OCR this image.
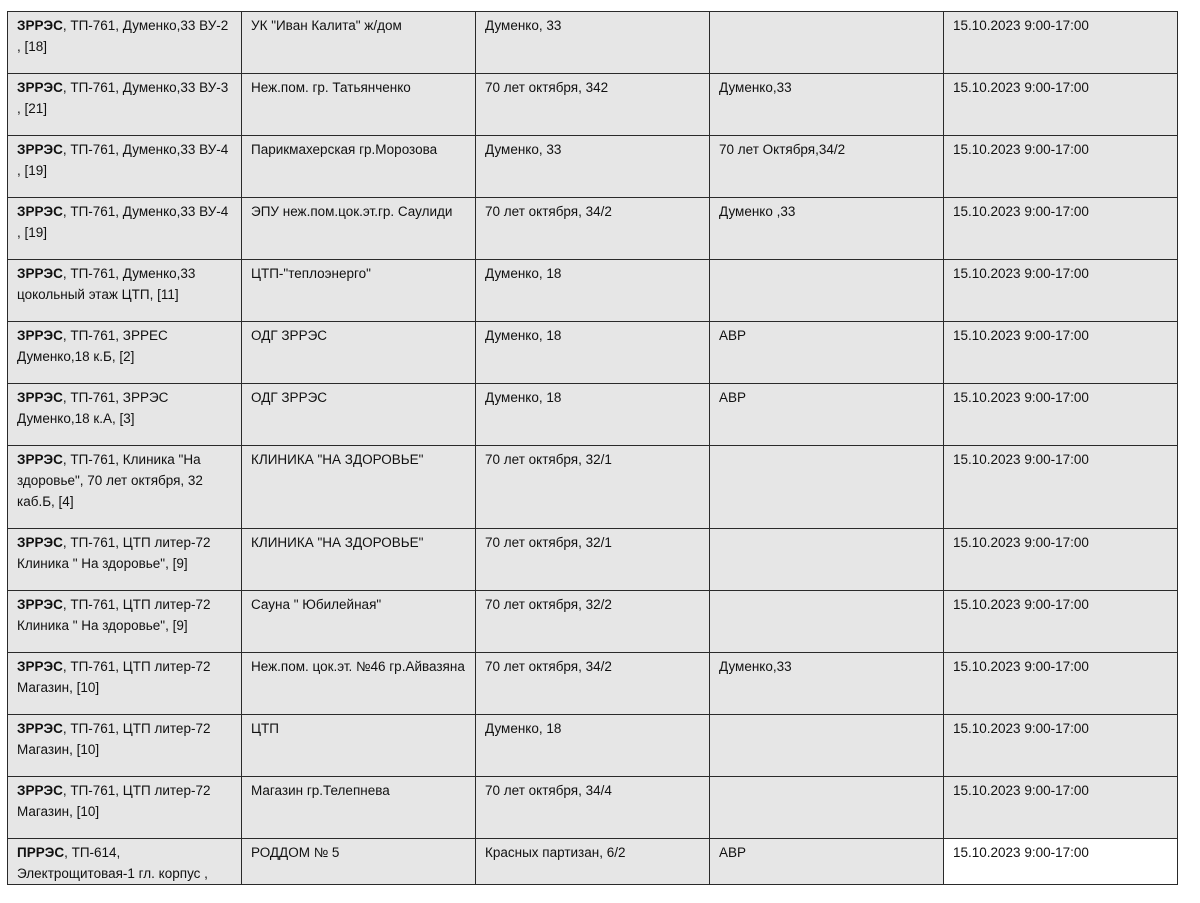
ЗРРЭС, ТП-761, Думенко,33 ВУ-2 , [18]	УК "Иван Калита" ж/дом	Думенко, 33		15.10.2023 9:00-17:00
ЗРРЭС, ТП-761, Думенко,33 ВУ-3 , [21]	Неж.пом. гр. Татьянченко	70 лет октября, 342	Думенко,33	15.10.2023 9:00-17:00
ЗРРЭС, ТП-761, Думенко,33 ВУ-4 , [19]	Парикмахерская гр.Морозова	Думенко, 33	70 лет Октября,34/2	15.10.2023 9:00-17:00
ЗРРЭС, ТП-761, Думенко,33 ВУ-4 , [19]	ЭПУ неж.пом.цок.эт.гр. Саулиди	70 лет октября, 34/2	Думенко ,33	15.10.2023 9:00-17:00
ЗРРЭС, ТП-761, Думенко,33 цокольный этаж ЦТП, [11]	ЦТП-"теплоэнерго"	Думенко, 18		15.10.2023 9:00-17:00
ЗРРЭС, ТП-761, ЗРРЕС Думенко,18 к.Б, [2]	ОДГ ЗРРЭС	Думенко, 18	АВР	15.10.2023 9:00-17:00
ЗРРЭС, ТП-761, ЗРРЭС Думенко,18 к.А, [3]	ОДГ ЗРРЭС	Думенко, 18	АВР	15.10.2023 9:00-17:00
ЗРРЭС, ТП-761, Клиника "На здоровье", 70 лет октября, 32 каб.Б, [4]	КЛИНИКА "НА ЗДОРОВЬЕ"	70 лет октября, 32/1		15.10.2023 9:00-17:00
ЗРРЭС, ТП-761, ЦТП литер-72 Клиника " На здоровье", [9]	КЛИНИКА "НА ЗДОРОВЬЕ"	70 лет октября, 32/1		15.10.2023 9:00-17:00
ЗРРЭС, ТП-761, ЦТП литер-72 Клиника " На здоровье", [9]	Сауна " Юбилейная"	70 лет октября, 32/2		15.10.2023 9:00-17:00
ЗРРЭС, ТП-761, ЦТП литер-72 Магазин, [10]	Неж.пом. цок.эт. №46 гр.Айвазяна	70 лет октября, 34/2	Думенко,33	15.10.2023 9:00-17:00
ЗРРЭС, ТП-761, ЦТП литер-72 Магазин, [10]	ЦТП	Думенко, 18		15.10.2023 9:00-17:00
ЗРРЭС, ТП-761, ЦТП литер-72 Магазин, [10]	Магазин гр.Телепнева	70 лет октября, 34/4		15.10.2023 9:00-17:00
ПРРЭС, ТП-614, Электрощитовая-1 гл. корпус ,	РОДДОМ № 5	Красных партизан, 6/2	АВР	15.10.2023 9:00-17:00
